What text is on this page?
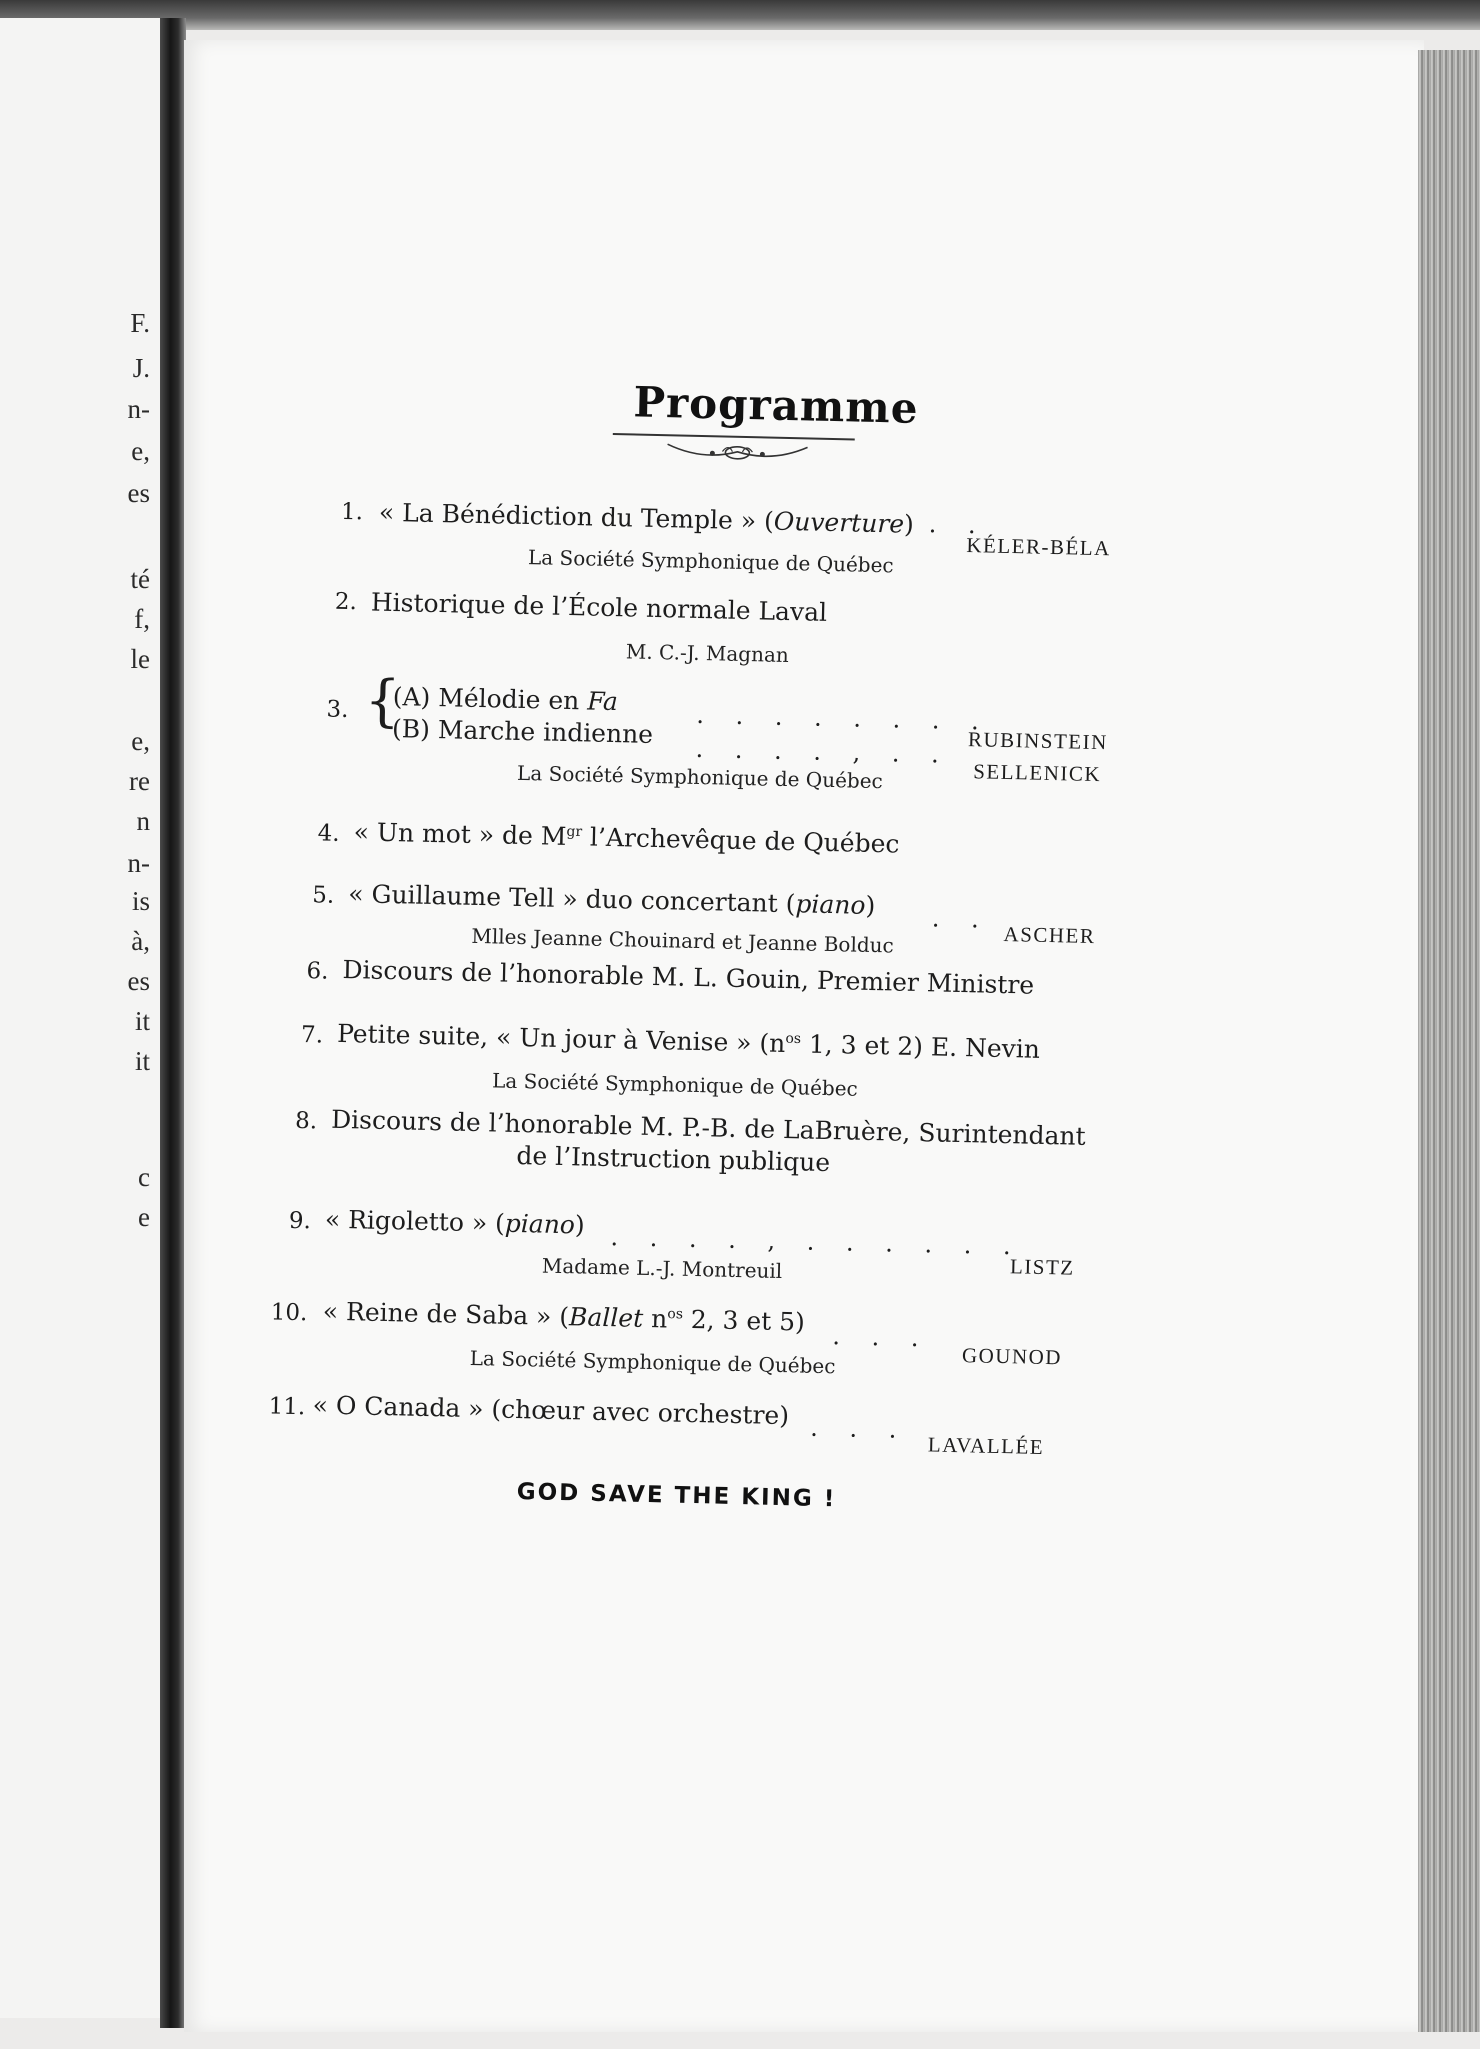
F.
J.
n-
e,
es
té
f,
le
e,
re
n
n-
is
à,
es
it
it
c
e
Programme
1. « La Bénédiction du Temple » (Ouverture) . .
KÉLER-BÉLA
La Société Symphonique de Québec
2. Historique de l’École normale Laval
M. C.-J. Magnan
3. {
(A) Mélodie en Fa	. . . . . . . .
RUBINSTEIN
(B) Marche indienne
. . . . , . .
SELLENICK
La Société Symphonique de Québec
4. « Un mot » de $M^{gr}$ l’Archevêque de Québec
5. « Guillaume Tell » duo concertant (piano) . .
ASCHER
Mlles Jeanne Chouinard et Jeanne Bolduc
6. Discours de l’honorable M. L. Gouin, Premier Ministre
7. Petite suite, « Un jour à Venise » ($n^{os}$ 1, 3 et 2) E. Nevin
La Société Symphonique de Québec
8. Discours de l’honorable M. P.-B. de LaBruère, Surintendant
de l’Instruction publique
9. « Rigoletto » (piano) . . . . , . . . . . .
LISTZ
Madame L.-J. Montreuil
10. « Reine de Saba » (Ballet $n^{os}$ 2, 3 et 5)
. . .
GOUNOD
La Société Symphonique de Québec
11. « O Canada » (chœur avec orchestre) . . .
LAVALLÉE
GOD SAVE THE KING !
